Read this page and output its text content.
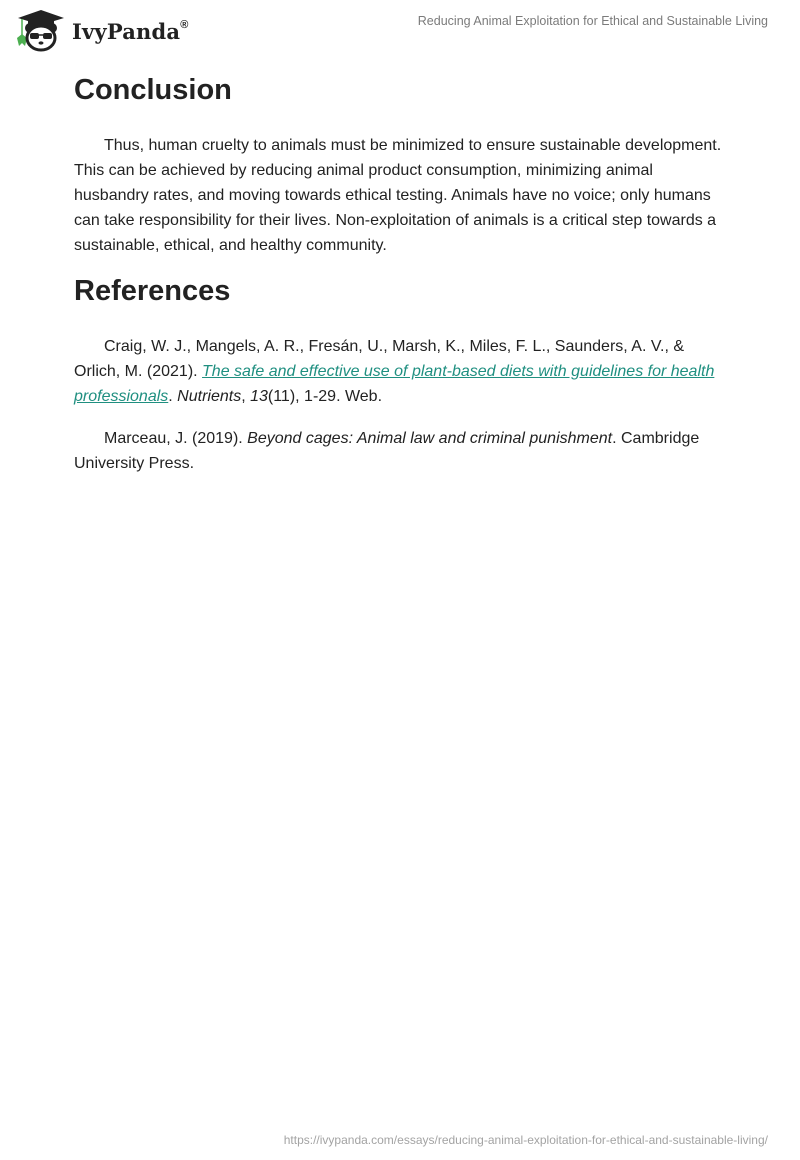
IvyPanda®	Reducing Animal Exploitation for Ethical and Sustainable Living
Conclusion

Thus, human cruelty to animals must be minimized to ensure sustainable development. This can be achieved by reducing animal product consumption, minimizing animal husbandry rates, and moving towards ethical testing. Animals have no voice; only humans can take responsibility for their lives. Non-exploitation of animals is a critical step towards a sustainable, ethical, and healthy community.

References

Craig, W. J., Mangels, A. R., Fresán, U., Marsh, K., Miles, F. L., Saunders, A. V., & Orlich, M. (2021). The safe and effective use of plant-based diets with guidelines for health professionals. Nutrients, 13(11), 1-29. Web.

Marceau, J. (2019). Beyond cages: Animal law and criminal punishment. Cambridge University Press.

https://ivypanda.com/essays/reducing-animal-exploitation-for-ethical-and-sustainable-living/
